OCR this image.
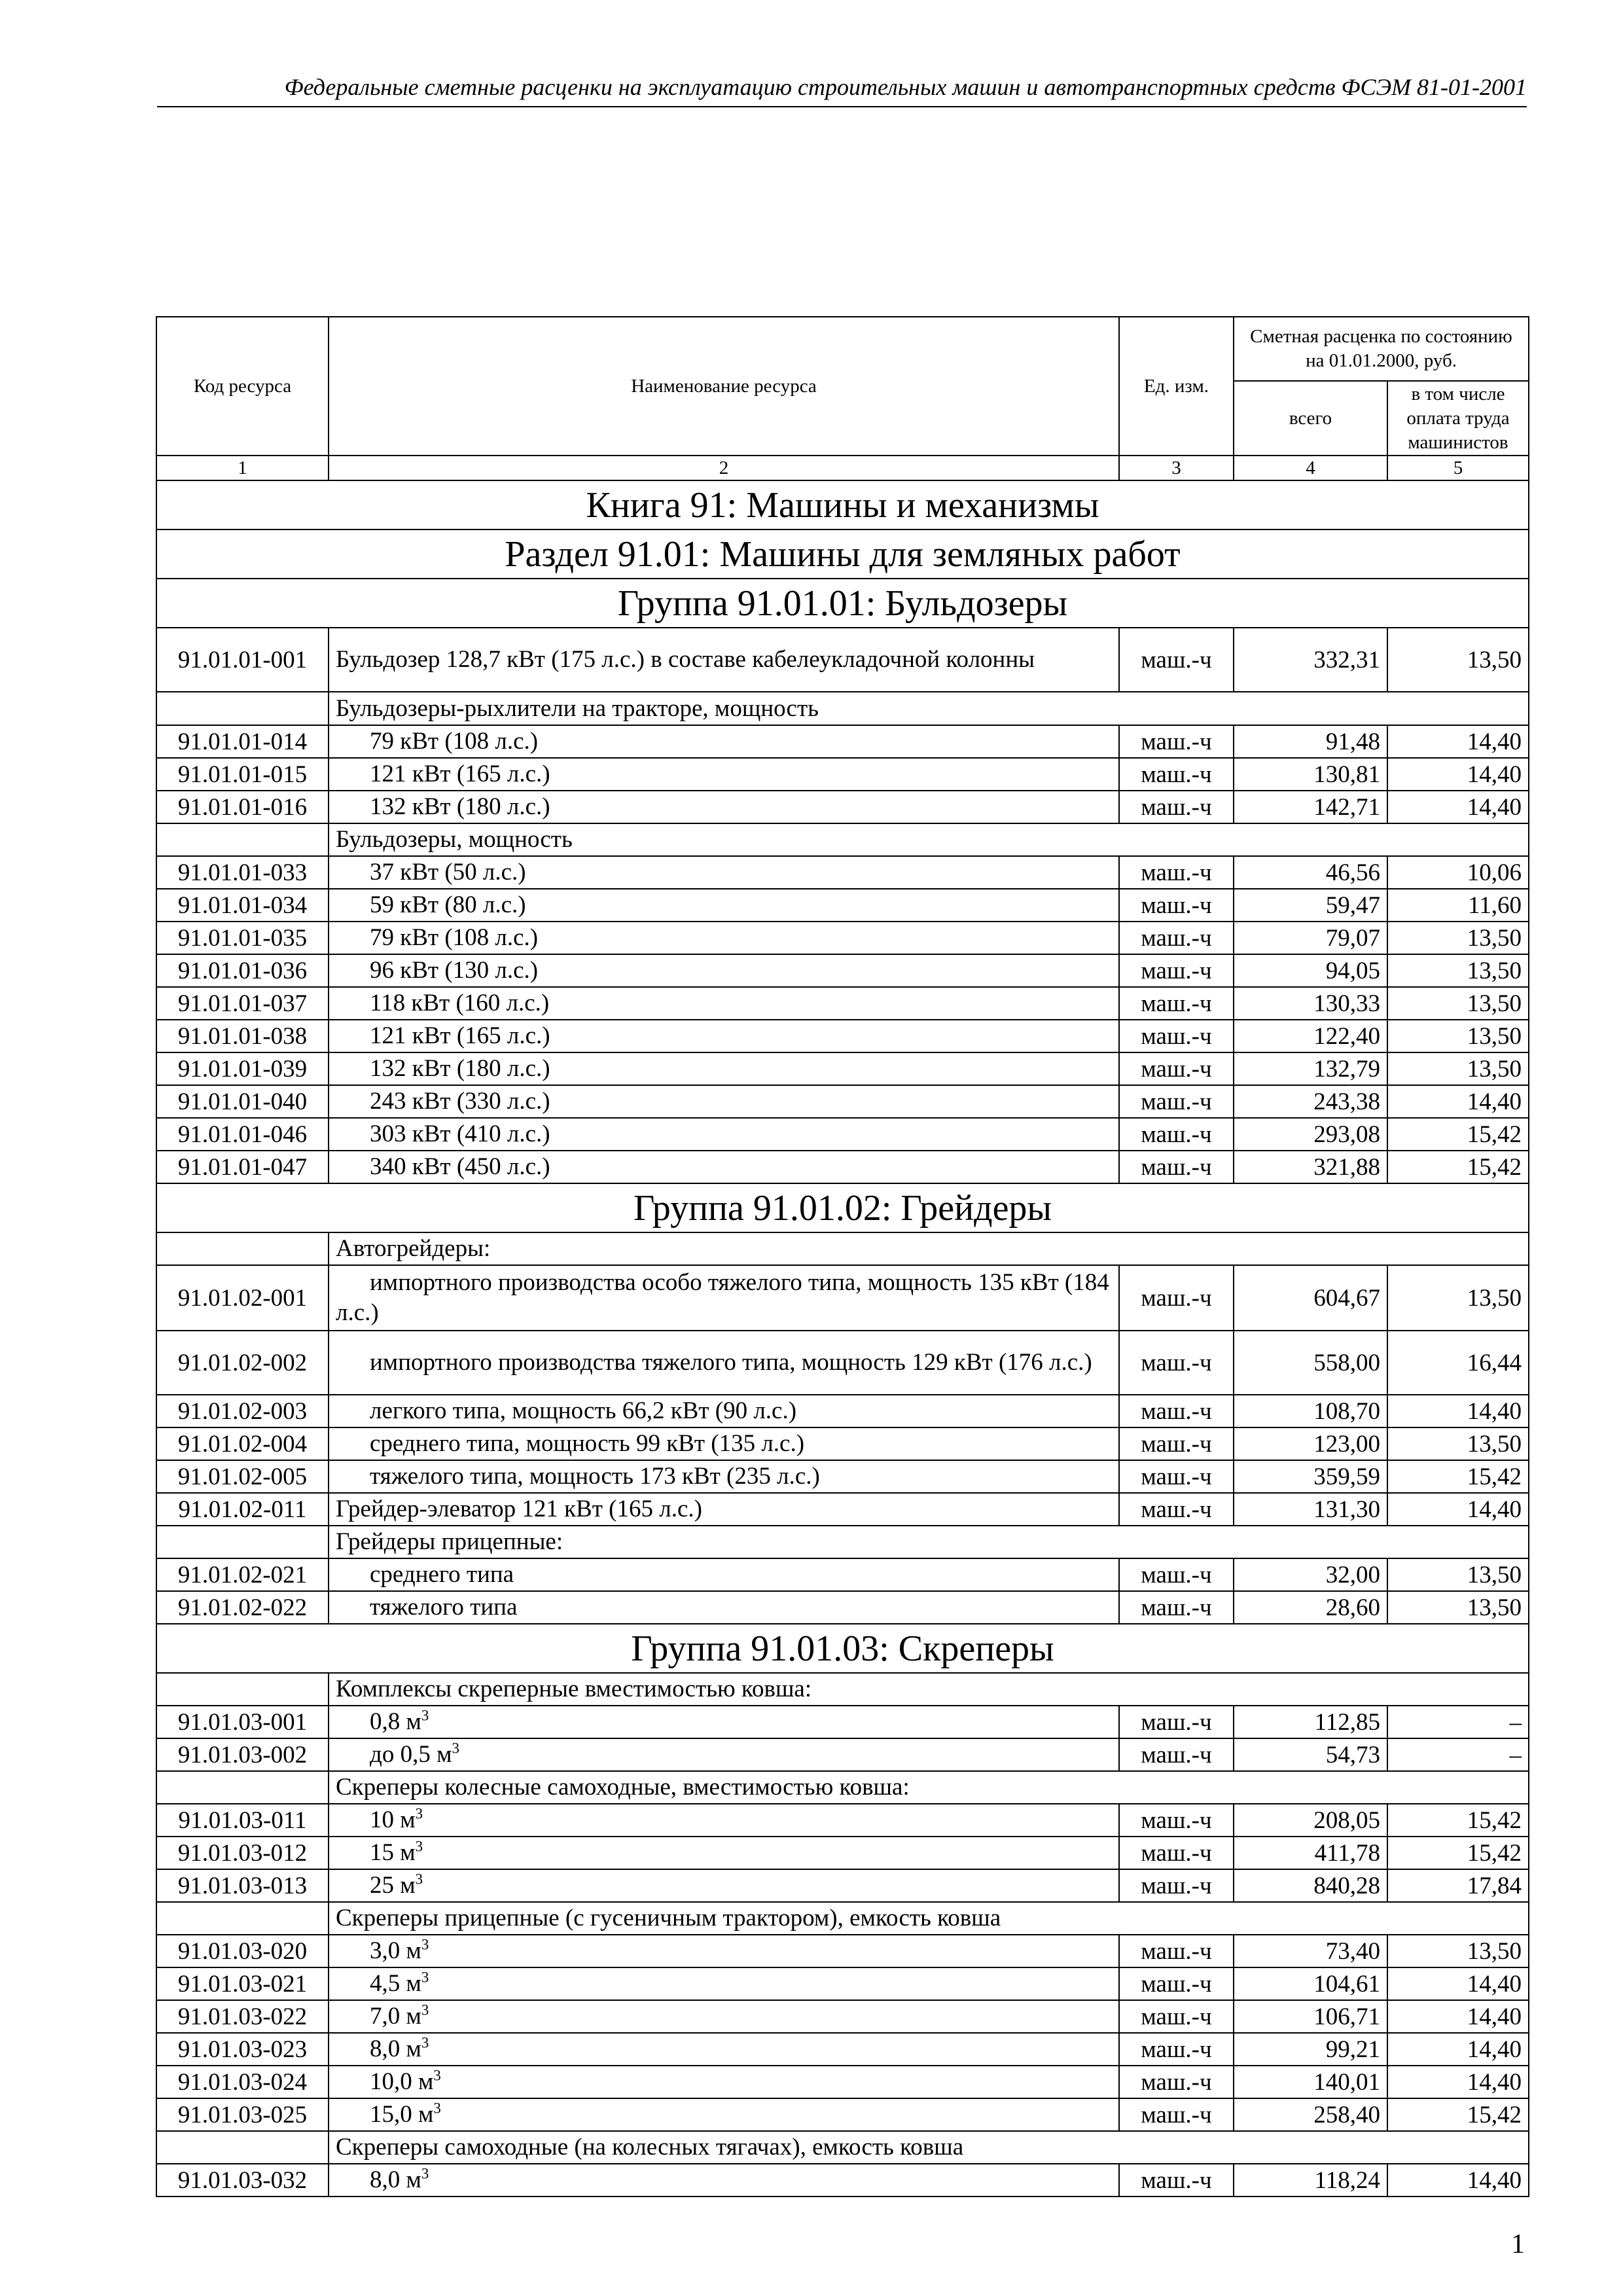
Федеральные сметные расценки на эксплуатацию строительных машин и автотранспортных средств ФСЭМ 81-01-2001
Код ресурса	Наименование ресурса	Ед. изм.	Сметная расценка по состоянию на 01.01.2000, руб.	
			всего	в том числе оплата труда машинистов
1	2	3	4	5
Книга 91: Машины и механизмы				
Раздел 91.01: Машины для земляных работ				
Группа 91.01.01: Бульдозеры				
91.01.01-001	Бульдозер 128,7 кВт (175 л.с.) в составе кабелеукладочной колонны	маш.-ч	332,31	13,50
	Бульдозеры-рыхлители на тракторе, мощность			
91.01.01-014	79 кВт (108 л.с.)	маш.-ч	91,48	14,40
91.01.01-015	121 кВт (165 л.с.)	маш.-ч	130,81	14,40
91.01.01-016	132 кВт (180 л.с.)	маш.-ч	142,71	14,40
	Бульдозеры, мощность			
91.01.01-033	37 кВт (50 л.с.)	маш.-ч	46,56	10,06
91.01.01-034	59 кВт (80 л.с.)	маш.-ч	59,47	11,60
91.01.01-035	79 кВт (108 л.с.)	маш.-ч	79,07	13,50
91.01.01-036	96 кВт (130 л.с.)	маш.-ч	94,05	13,50
91.01.01-037	118 кВт (160 л.с.)	маш.-ч	130,33	13,50
91.01.01-038	121 кВт (165 л.с.)	маш.-ч	122,40	13,50
91.01.01-039	132 кВт (180 л.с.)	маш.-ч	132,79	13,50
91.01.01-040	243 кВт (330 л.с.)	маш.-ч	243,38	14,40
91.01.01-046	303 кВт (410 л.с.)	маш.-ч	293,08	15,42
91.01.01-047	340 кВт (450 л.с.)	маш.-ч	321,88	15,42
Группа 91.01.02: Грейдеры				
	Автогрейдеры:			
91.01.02-001	импортного производства особо тяжелого типа, мощность 135 кВт (184 л.с.)	маш.-ч	604,67	13,50
91.01.02-002	импортного производства тяжелого типа, мощность 129 кВт (176 л.с.)	маш.-ч	558,00	16,44
91.01.02-003	легкого типа, мощность 66,2 кВт (90 л.с.)	маш.-ч	108,70	14,40
91.01.02-004	среднего типа, мощность 99 кВт (135 л.с.)	маш.-ч	123,00	13,50
91.01.02-005	тяжелого типа, мощность 173 кВт (235 л.с.)	маш.-ч	359,59	15,42
91.01.02-011	Грейдер-элеватор 121 кВт (165 л.с.)	маш.-ч	131,30	14,40
	Грейдеры прицепные:			
91.01.02-021	среднего типа	маш.-ч	32,00	13,50
91.01.02-022	тяжелого типа	маш.-ч	28,60	13,50
Группа 91.01.03: Скреперы				
	Комплексы скреперные вместимостью ковша:			
91.01.03-001	0,8 $м^3$	маш.-ч	112,85	–
91.01.03-002	до 0,5 $м^3$	маш.-ч	54,73	–
	Скреперы колесные самоходные, вместимостью ковша:			
91.01.03-011	10 $м^3$	маш.-ч	208,05	15,42
91.01.03-012	15 $м^3$	маш.-ч	411,78	15,42
91.01.03-013	25 $м^3$	маш.-ч	840,28	17,84
	Скреперы прицепные (с гусеничным трактором), емкость ковша			
91.01.03-020	3,0 $м^3$	маш.-ч	73,40	13,50
91.01.03-021	4,5 $м^3$	маш.-ч	104,61	14,40
91.01.03-022	7,0 $м^3$	маш.-ч	106,71	14,40
91.01.03-023	8,0 $м^3$	маш.-ч	99,21	14,40
91.01.03-024	10,0 $м^3$	маш.-ч	140,01	14,40
91.01.03-025	15,0 $м^3$	маш.-ч	258,40	15,42
	Скреперы самоходные (на колесных тягачах), емкость ковша			
91.01.03-032	8,0 $м^3$	маш.-ч	118,24	14,40
1
